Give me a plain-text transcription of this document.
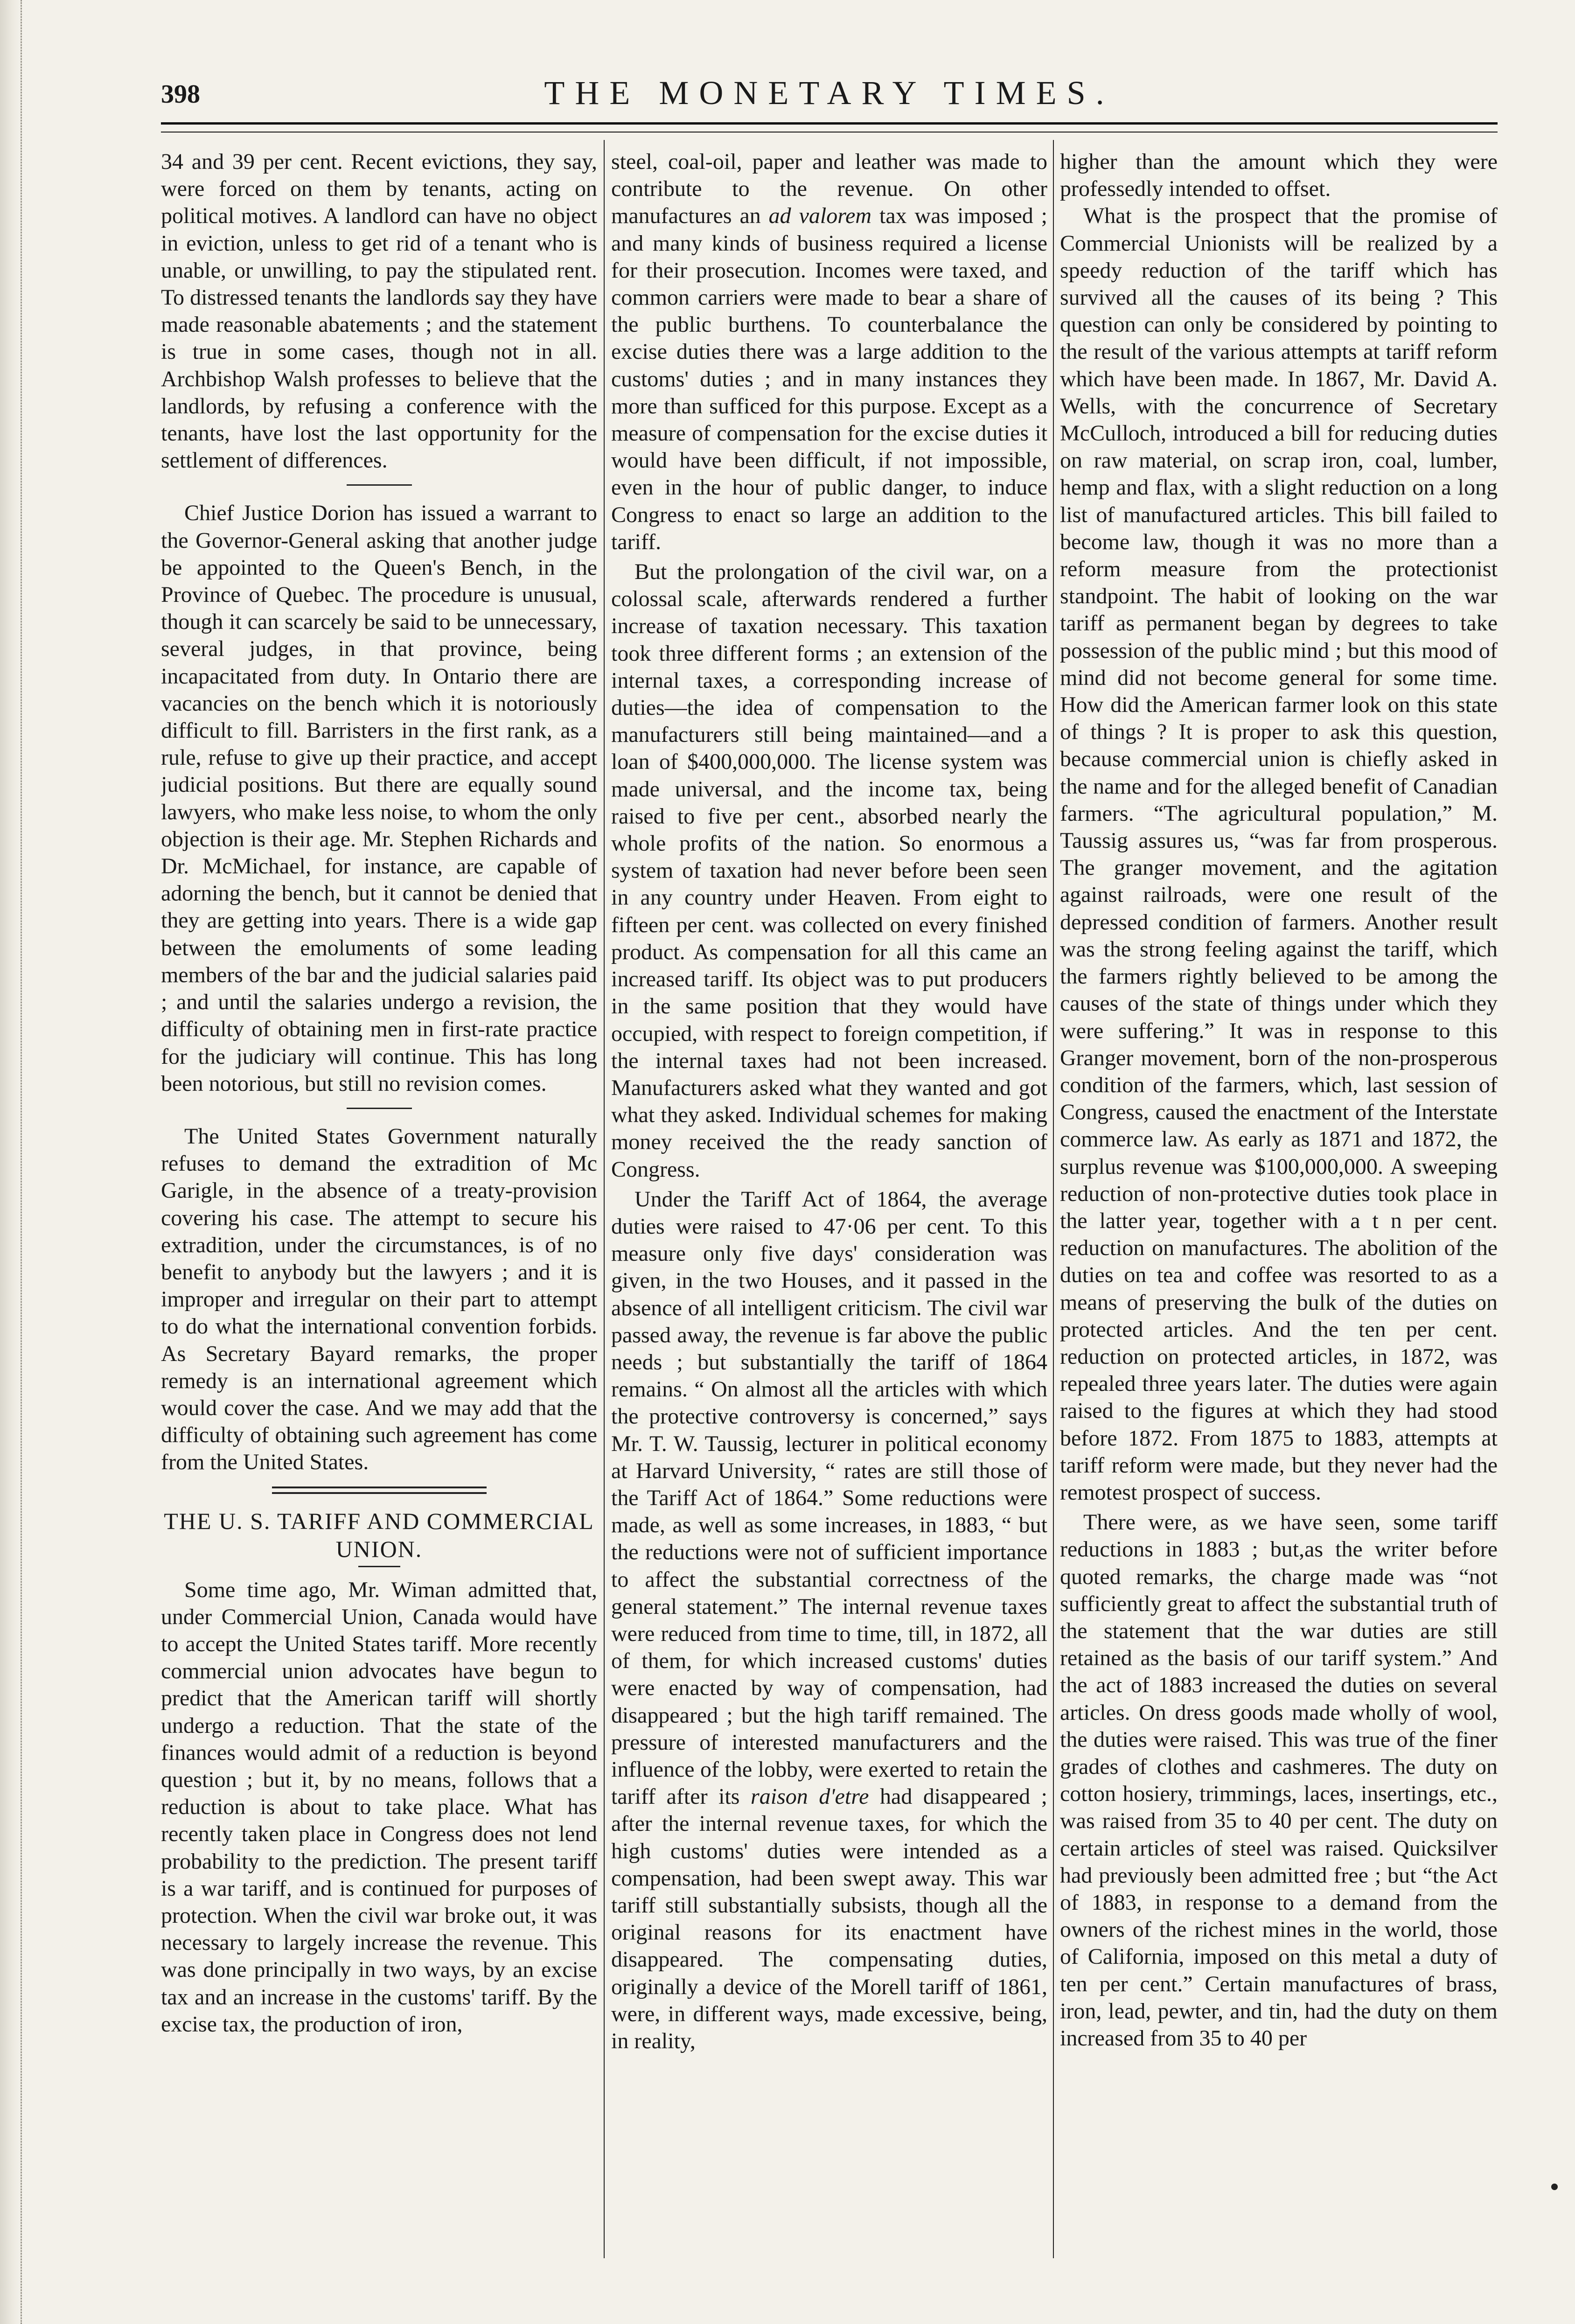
398	THE MONETARY TIMES.

34 and 39 per cent. Recent evictions, they say, were forced on them by tenants, acting on political motives. A landlord can have no object in eviction, unless to get rid of a tenant who is unable, or unwilling, to pay the stipulated rent. To distressed tenants the landlords say they have made reasonable abatements ; and the statement is true in some cases, though not in all. Archbishop Walsh professes to believe that the landlords, by refusing a conference with the tenants, have lost the last opportunity for the settlement of differences.

Chief Justice Dorion has issued a warrant to the Governor-General asking that another judge be appointed to the Queen's Bench, in the Province of Quebec. The procedure is unusual, though it can scarcely be said to be unnecessary, several judges, in that province, being incapacitated from duty. In Ontario there are vacancies on the bench which it is notoriously difficult to fill. Barristers in the first rank, as a rule, refuse to give up their practice, and accept judicial positions. But there are equally sound lawyers, who make less noise, to whom the only objection is their age. Mr. Stephen Richards and Dr. McMichael, for instance, are capable of adorning the bench, but it cannot be denied that they are getting into years. There is a wide gap between the emoluments of some leading members of the bar and the judicial salaries paid ; and until the salaries undergo a revision, the difficulty of obtaining men in first-rate practice for the judiciary will continue. This has long been notorious, but still no revision comes.

The United States Government naturally refuses to demand the extradition of Mc Garigle, in the absence of a treaty-provision covering his case. The attempt to secure his extradition, under the circumstances, is of no benefit to anybody but the lawyers ; and it is improper and irregular on their part to attempt to do what the international convention forbids. As Secretary Bayard remarks, the proper remedy is an international agreement which would cover the case. And we may add that the difficulty of obtaining such agreement has come from the United States.

THE U. S. TARIFF AND COMMERCIAL UNION.

Some time ago, Mr. Wiman admitted that, under Commercial Union, Canada would have to accept the United States tariff. More recently commercial union advocates have begun to predict that the American tariff will shortly undergo a reduction. That the state of the finances would admit of a reduction is beyond question ; but it, by no means, follows that a reduction is about to take place. What has recently taken place in Congress does not lend probability to the prediction. The present tariff is a war tariff, and is continued for purposes of protection. When the civil war broke out, it was necessary to largely increase the revenue. This was done principally in two ways, by an excise tax and an increase in the customs' tariff. By the excise tax, the production of iron,

steel, coal-oil, paper and leather was made to contribute to the revenue. On other manufactures an ad valorem tax was imposed ; and many kinds of business required a license for their prosecution. Incomes were taxed, and common carriers were made to bear a share of the public burthens. To counterbalance the excise duties there was a large addition to the customs' duties ; and in many instances they more than sufficed for this purpose. Except as a measure of compensation for the excise duties it would have been difficult, if not impossible, even in the hour of public danger, to induce Congress to enact so large an addition to the tariff.

But the prolongation of the civil war, on a colossal scale, afterwards rendered a further increase of taxation necessary. This taxation took three different forms ; an extension of the internal taxes, a corresponding increase of duties—the idea of compensation to the manufacturers still being maintained—and a loan of $400,000,000. The license system was made universal, and the income tax, being raised to five per cent., absorbed nearly the whole profits of the nation. So enormous a system of taxation had never before been seen in any country under Heaven. From eight to fifteen per cent. was collected on every finished product. As compensation for all this came an increased tariff. Its object was to put producers in the same position that they would have occupied, with respect to foreign competition, if the internal taxes had not been increased. Manufacturers asked what they wanted and got what they asked. Individual schemes for making money received the the ready sanction of Congress.

Under the Tariff Act of 1864, the average duties were raised to 47·06 per cent. To this measure only five days' consideration was given, in the two Houses, and it passed in the absence of all intelligent criticism. The civil war passed away, the revenue is far above the public needs ; but substantially the tariff of 1864 remains. “ On almost all the articles with which the protective controversy is concerned,” says Mr. T. W. Taussig, lecturer in political economy at Harvard University, “ rates are still those of the Tariff Act of 1864.” Some reductions were made, as well as some increases, in 1883, “ but the reductions were not of sufficient importance to affect the substantial correctness of the general statement.” The internal revenue taxes were reduced from time to time, till, in 1872, all of them, for which increased customs' duties were enacted by way of compensation, had disappeared ; but the high tariff remained. The pressure of interested manufacturers and the influence of the lobby, were exerted to retain the tariff after its raison d'etre had disappeared ; after the internal revenue taxes, for which the high customs' duties were intended as a compensation, had been swept away. This war tariff still substantially subsists, though all the original reasons for its enactment have disappeared. The compensating duties, originally a device of the Morell tariff of 1861, were, in different ways, made excessive, being, in reality,

higher than the amount which they were professedly intended to offset.

What is the prospect that the promise of Commercial Unionists will be realized by a speedy reduction of the tariff which has survived all the causes of its being ? This question can only be considered by pointing to the result of the various attempts at tariff reform which have been made. In 1867, Mr. David A. Wells, with the concurrence of Secretary McCulloch, introduced a bill for reducing duties on raw material, on scrap iron, coal, lumber, hemp and flax, with a slight reduction on a long list of manufactured articles. This bill failed to become law, though it was no more than a reform measure from the protectionist standpoint. The habit of looking on the war tariff as permanent began by degrees to take possession of the public mind ; but this mood of mind did not become general for some time. How did the American farmer look on this state of things ? It is proper to ask this question, because commercial union is chiefly asked in the name and for the alleged benefit of Canadian farmers. “The agricultural population,” M. Taussig assures us, “was far from prosperous. The granger movement, and the agitation against railroads, were one result of the depressed condition of farmers. Another result was the strong feeling against the tariff, which the farmers rightly believed to be among the causes of the state of things under which they were suffering.” It was in response to this Granger movement, born of the non-prosperous condition of the farmers, which, last session of Congress, caused the enactment of the Interstate commerce law. As early as 1871 and 1872, the surplus revenue was $100,000,000. A sweeping reduction of non-protective duties took place in the latter year, together with a t n per cent. reduction on manufactures. The abolition of the duties on tea and coffee was resorted to as a means of preserving the bulk of the duties on protected articles. And the ten per cent. reduction on protected articles, in 1872, was repealed three years later. The duties were again raised to the figures at which they had stood before 1872. From 1875 to 1883, attempts at tariff reform were made, but they never had the remotest prospect of success.

There were, as we have seen, some tariff reductions in 1883 ; but,as the writer before quoted remarks, the charge made was “not sufficiently great to affect the substantial truth of the statement that the war duties are still retained as the basis of our tariff system.” And the act of 1883 increased the duties on several articles. On dress goods made wholly of wool, the duties were raised. This was true of the finer grades of clothes and cashmeres. The duty on cotton hosiery, trimmings, laces, insertings, etc., was raised from 35 to 40 per cent. The duty on certain articles of steel was raised. Quicksilver had previously been admitted free ; but “the Act of 1883, in response to a demand from the owners of the richest mines in the world, those of California, imposed on this metal a duty of ten per cent.” Certain manufactures of brass, iron, lead, pewter, and tin, had the duty on them increased from 35 to 40 per
